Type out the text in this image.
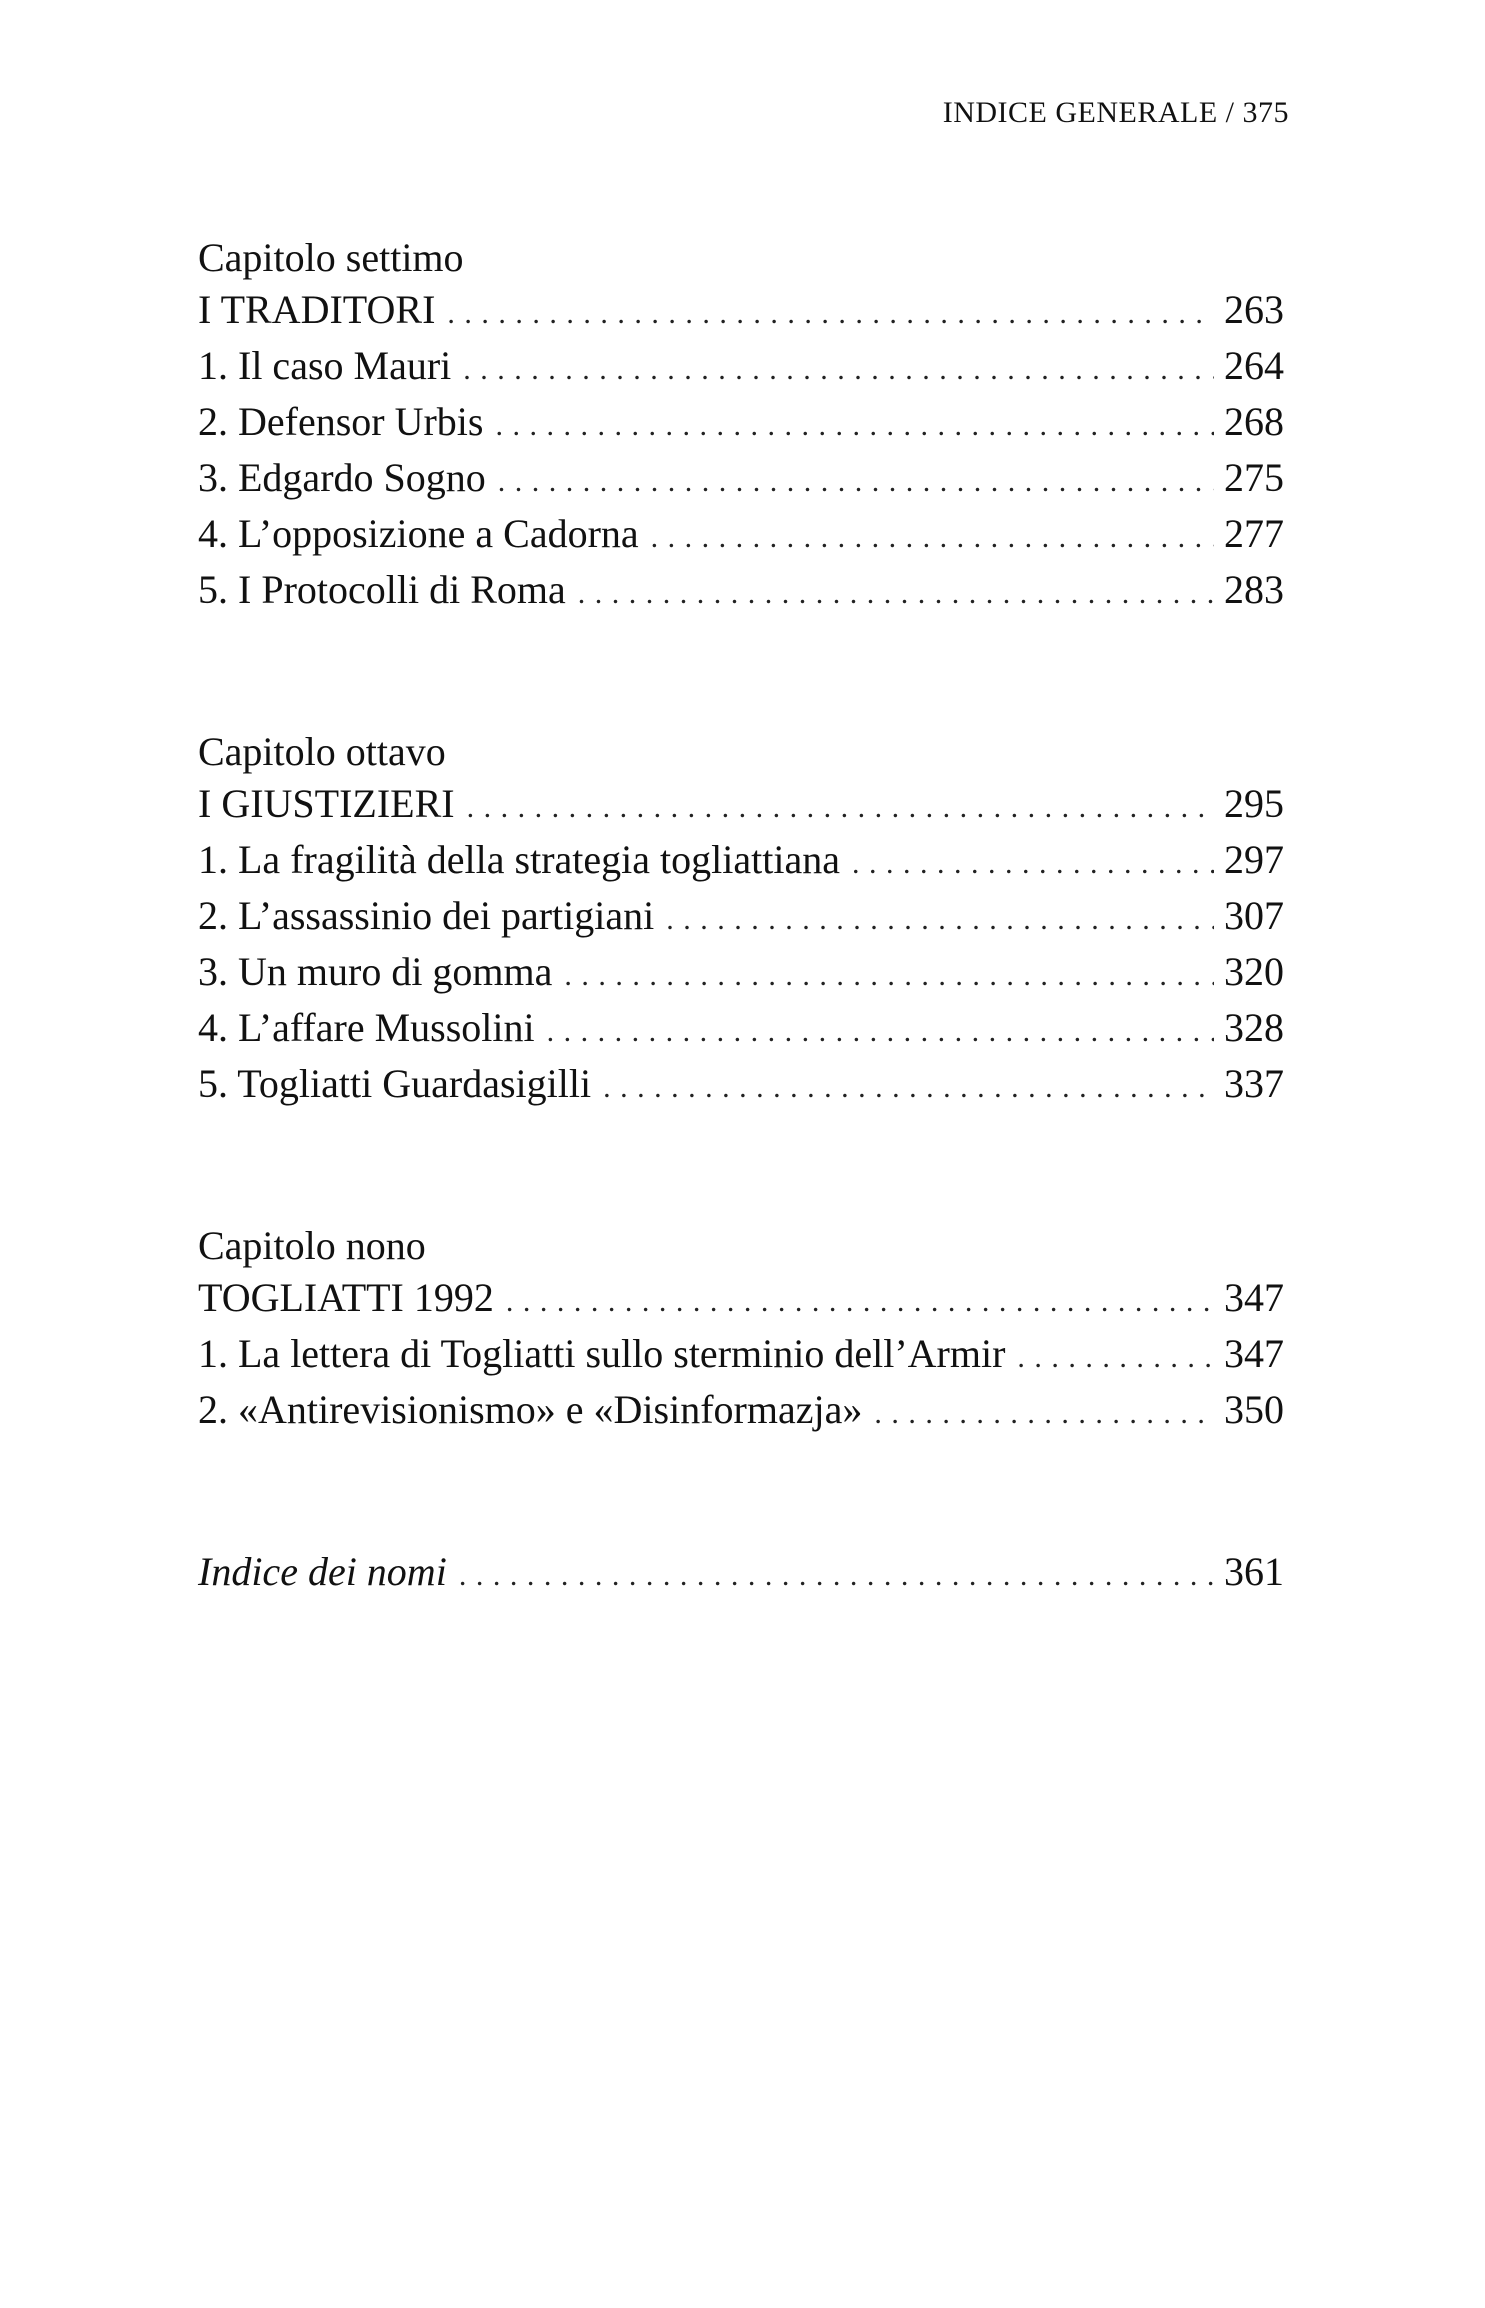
INDICE GENERALE / 375
Capitolo settimo
I TRADITORI . . .	263
1. Il caso Mauri . . .	264
2. Defensor Urbis . . .	268
3. Edgardo Sogno . . .	275
4. L’opposizione a Cadorna . . .	277
5. I Protocolli di Roma . . .	283
Capitolo ottavo
I GIUSTIZIERI . . .	295
1. La fragilità della strategia togliattiana . . .	297
2. L’assassinio dei partigiani . . .	307
3. Un muro di gomma . . .	320
4. L’affare Mussolini . . .	328
5. Togliatti Guardasigilli . . .	337
Capitolo nono
TOGLIATTI 1992 . . .	347
1. La lettera di Togliatti sullo sterminio dell’Armir . . .	347
2. «Antirevisionismo» e «Disinformazja» . . .	350
Indice dei nomi . . .	361
